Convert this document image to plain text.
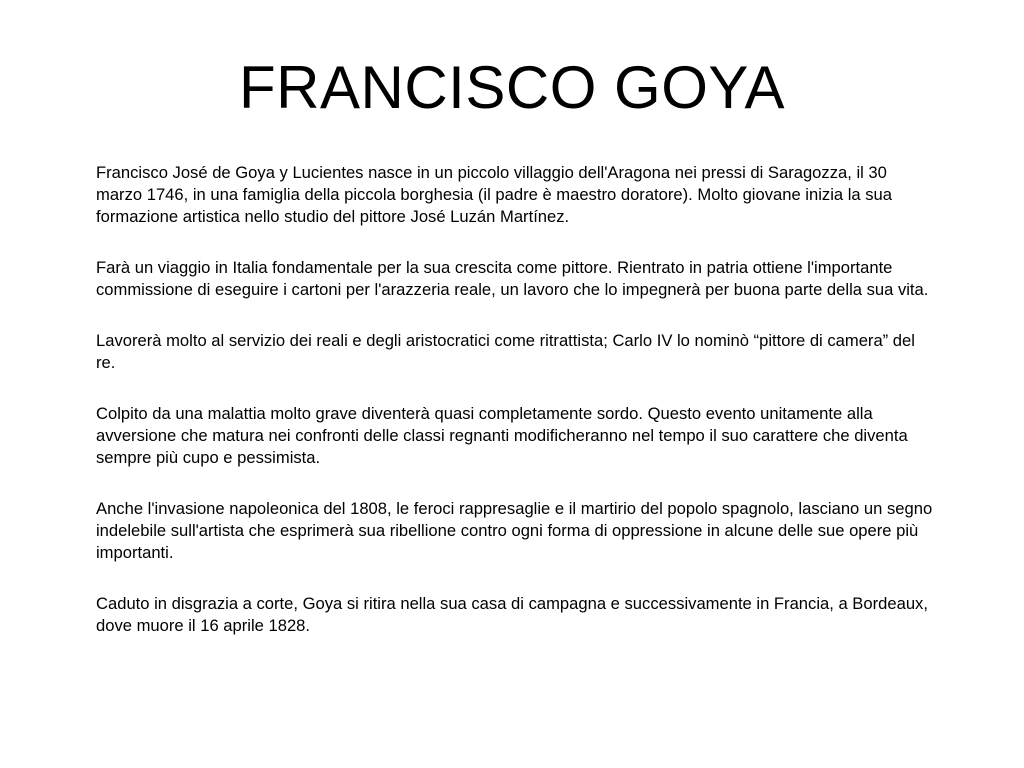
FRANCISCO GOYA

Francisco José de Goya y Lucientes nasce in un piccolo villaggio dell'Aragona nei pressi di Saragozza, il 30 marzo 1746, in una famiglia della piccola borghesia (il padre è maestro doratore). Molto giovane inizia la sua formazione artistica nello studio del pittore José Luzán Martínez.

Farà un viaggio in Italia fondamentale per la sua crescita come pittore. Rientrato in patria ottiene l'importante commissione di eseguire i cartoni per l'arazzeria reale, un lavoro che lo impegnerà per buona parte della sua vita.

Lavorerà molto al servizio dei reali e degli aristocratici come ritrattista; Carlo IV lo nominò “pittore di camera” del re.

Colpito da una malattia molto grave diventerà quasi completamente sordo. Questo evento unitamente alla avversione che matura nei confronti delle classi regnanti modificheranno nel tempo il suo carattere che diventa sempre più cupo e pessimista.

Anche l'invasione napoleonica del 1808, le feroci rappresaglie e il martirio del popolo spagnolo, lasciano un segno indelebile sull'artista che esprimerà sua ribellione contro ogni forma di oppressione in alcune delle sue opere più importanti.

Caduto in disgrazia a corte, Goya si ritira nella sua casa di campagna e successivamente in Francia, a Bordeaux, dove muore il 16 aprile 1828.
